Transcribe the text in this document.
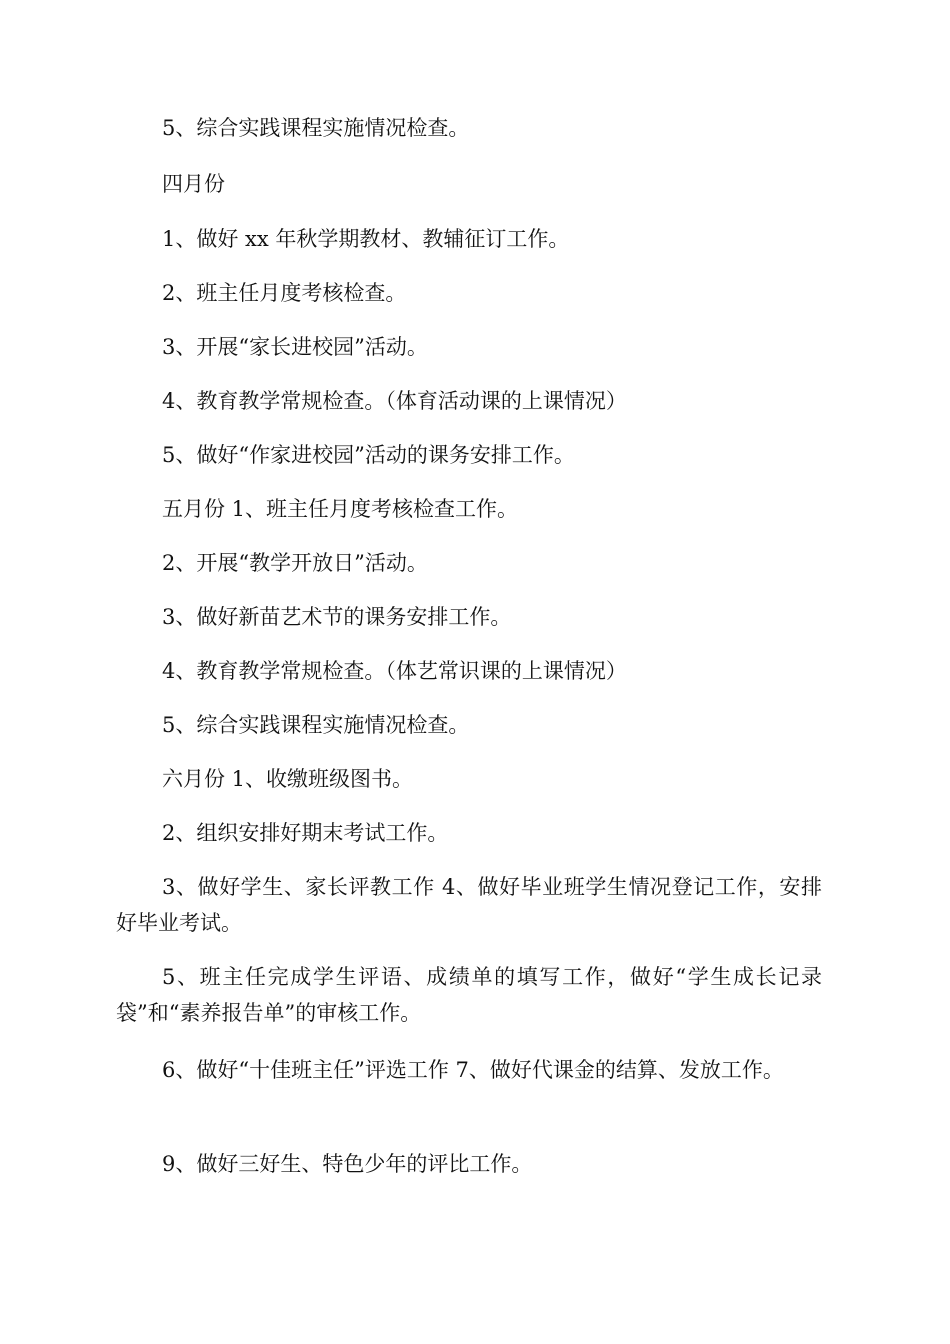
5、综合实践课程实施情况检查。
四月份
1、做好 xx 年秋学期教材、教辅征订工作。
2、班主任月度考核检查。
3、开展“家长进校园”活动。
4、教育教学常规检查。（体育活动课的上课情况）
5、做好“作家进校园”活动的课务安排工作。
五月份 1、班主任月度考核检查工作。
2、开展“教学开放日”活动。
3、做好新苗艺术节的课务安排工作。
4、教育教学常规检查。（体艺常识课的上课情况）
5、综合实践课程实施情况检查。
六月份 1、收缴班级图书。
2、组织安排好期末考试工作。
3、做好学生、家长评教工作 4、做好毕业班学生情况登记工作，安排好毕业考试。
5、班主任完成学生评语、成绩单的填写工作，做好“学生成长记录袋”和“素养报告单”的审核工作。
6、做好“十佳班主任”评选工作 7、做好代课金的结算、发放工作。
9、做好三好生、特色少年的评比工作。
